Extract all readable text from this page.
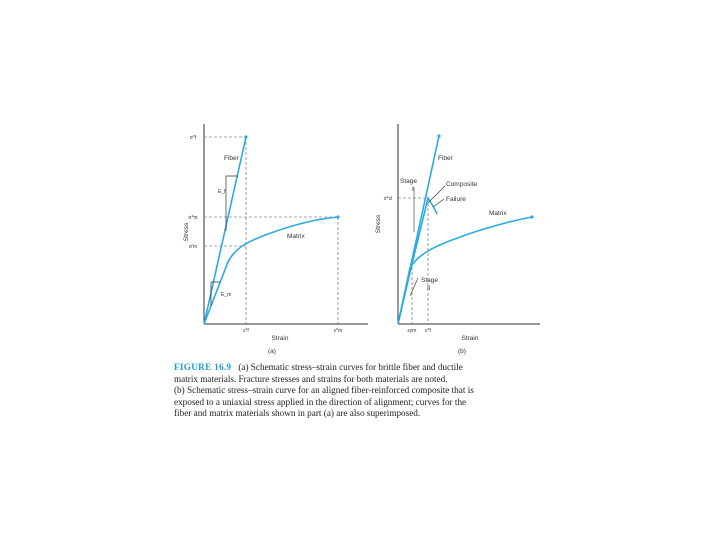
Stress
Strain
(a)
Fiber
Matrix
E_f
E_m
σ*f
σ*m
σ'm
ε*f	ε*m
Stress
Strain
(b)
Fiber
Composite
Failure
Matrix
Stage
I
Stage
II
σ*cl
εym ε*f
FIGURE 16.9 (a) Schematic stress–strain curves for brittle fiber and ductile
matrix materials. Fracture stresses and strains for both materials are noted.
(b) Schematic stress–strain curve for an aligned fiber-reinforced composite that is
exposed to a uniaxial stress applied in the direction of alignment; curves for the
fiber and matrix materials shown in part (a) are also superimposed.
